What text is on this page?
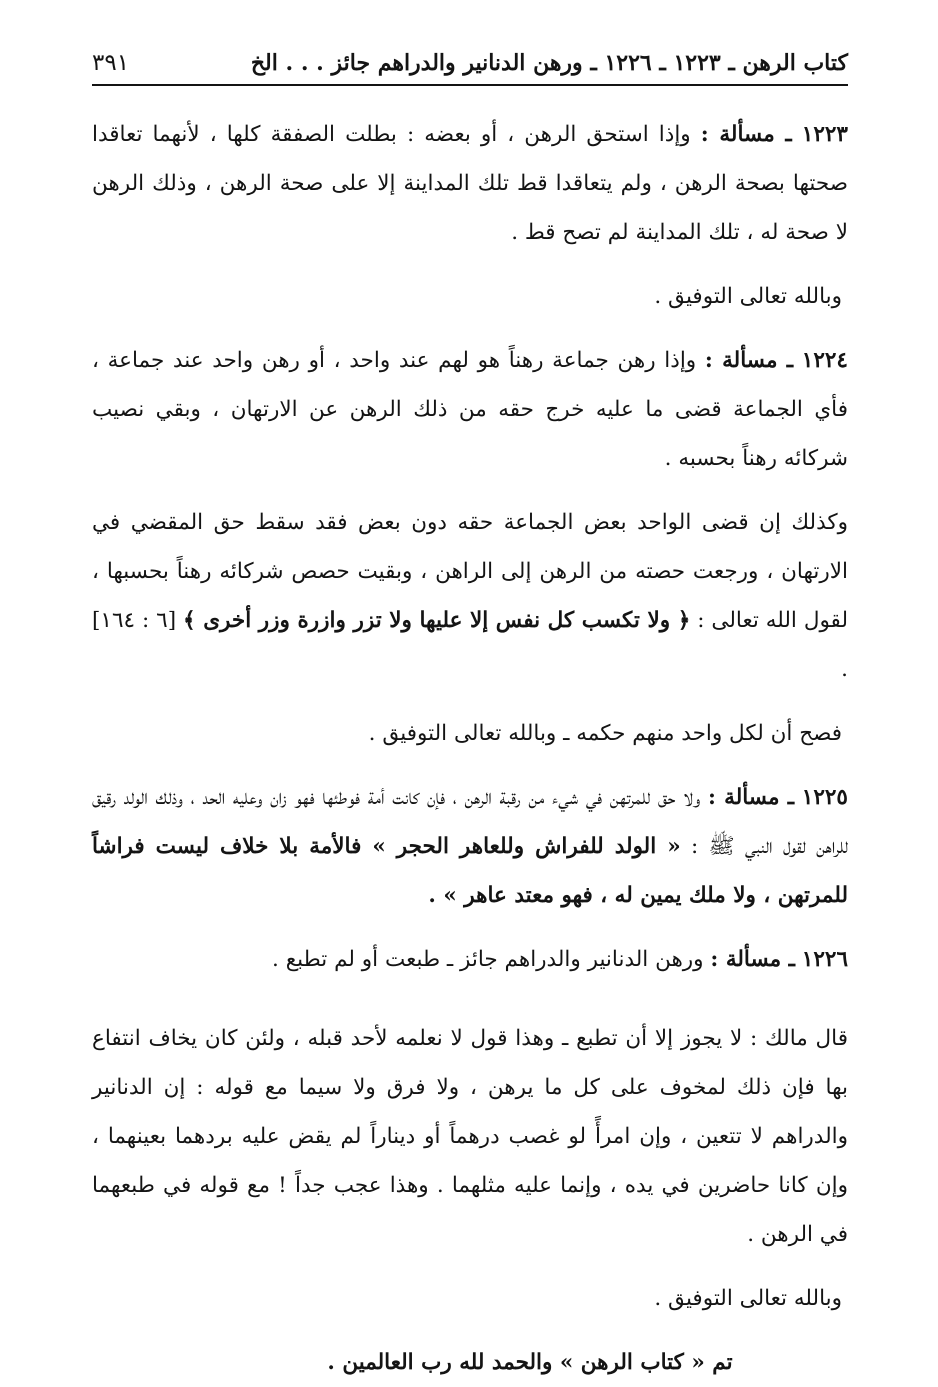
كتاب الرهن ـ ١٢٢٣ ـ ١٢٢٦ ـ ورهن الدنانير والدراهم جائز . . . الخ
٣٩١

١٢٢٣ ـ مسألة : وإذا استحق الرهن ، أو بعضه : بطلت الصفقة كلها ، لأنهما تعاقدا صحتها بصحة الرهن ، ولم يتعاقدا قط تلك المداينة إلا على صحة الرهن ، وذلك الرهن لا صحة له ، تلك المداينة لم تصح قط .

وبالله تعالى التوفيق .

١٢٢٤ ـ مسألة : وإذا رهن جماعة رهناً هو لهم عند واحد ، أو رهن واحد عند جماعة ، فأي الجماعة قضى ما عليه خرج حقه من ذلك الرهن عن الارتهان ، وبقي نصيب شركائه رهناً بحسبه .

وكذلك إن قضى الواحد بعض الجماعة حقه دون بعض فقد سقط حق المقضي في الارتهان ، ورجعت حصته من الرهن إلى الراهن ، وبقيت حصص شركائه رهناً بحسبها ، لقول الله تعالى : ﴿ ولا تكسب كل نفس إلا عليها ولا تزر وازرة وزر أخرى ﴾ [٦ : ١٦٤] .

فصح أن لكل واحد منهم حكمه ـ وبالله تعالى التوفيق .

١٢٢٥ ـ مسألة : ولا حق للمرتهن في شيء من رقبة الرهن ، فإن كانت أمة فوطئها فهو زان وعليه الحد ، وذلك الولد رقيق للراهن لقول النبي ﷺ : « الولد للفراش وللعاهر الحجر » فالأمة بلا خلاف ليست فراشاً للمرتهن ، ولا ملك يمين له ، فهو معتد عاهر » .

١٢٢٦ ـ مسألة : ورهن الدنانير والدراهم جائز ـ طبعت أو لم تطبع .

قال مالك : لا يجوز إلا أن تطبع ـ وهذا قول لا نعلمه لأحد قبله ، ولئن كان يخاف انتفاع بها فإن ذلك لمخوف على كل ما يرهن ، ولا فرق ولا سيما مع قوله : إن الدنانير والدراهم لا تتعين ، وإن امرأً لو غصب درهماً أو ديناراً لم يقض عليه بردهما بعينهما ، وإن كانا حاضرين في يده ، وإنما عليه مثلهما . وهذا عجب جداً ! مع قوله في طبعهما في الرهن .

وبالله تعالى التوفيق .

تم « كتاب الرهن » والحمد لله رب العالمين .
